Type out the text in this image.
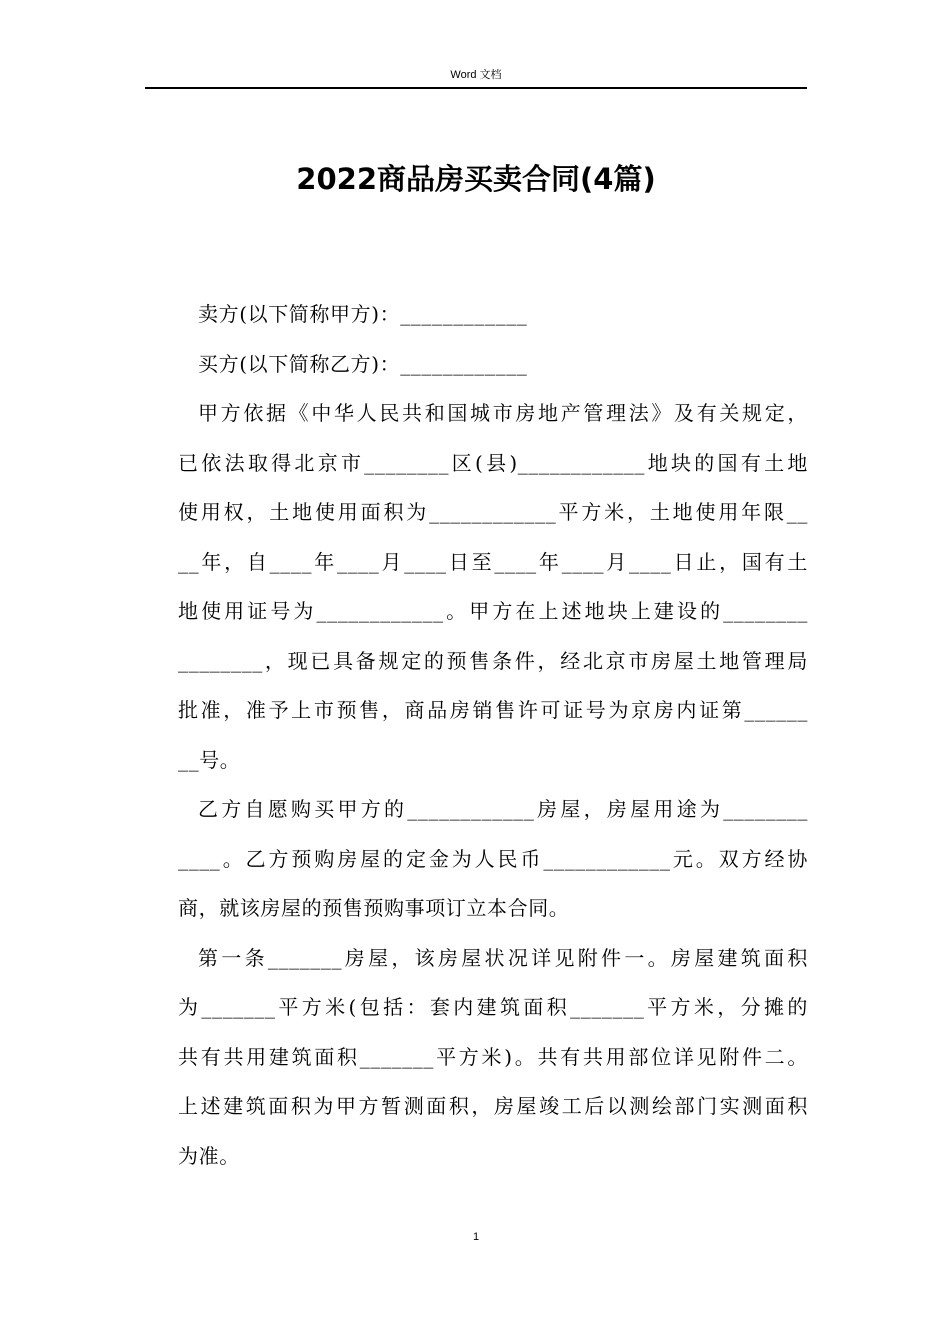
Word 文档
2022商品房买卖合同(4篇)
卖方(以下简称甲方)：____________
买方(以下简称乙方)：____________
甲方依据《中华人民共和国城市房地产管理法》及有关规定，
已依法取得北京市________区(县)____________地块的国有土地
使用权，土地使用面积为____________平方米，土地使用年限__
__年，自____年____月____日至____年____月____日止，国有土
地使用证号为____________。甲方在上述地块上建设的________
________，现已具备规定的预售条件，经北京市房屋土地管理局
批准，准予上市预售，商品房销售许可证号为京房内证第______
__号。
乙方自愿购买甲方的____________房屋，房屋用途为________
____。乙方预购房屋的定金为人民币____________元。双方经协
商，就该房屋的预售预购事项订立本合同。
第一条_______房屋，该房屋状况详见附件一。房屋建筑面积
为_______平方米(包括：套内建筑面积_______平方米，分摊的
共有共用建筑面积_______平方米)。共有共用部位详见附件二。
上述建筑面积为甲方暂测面积，房屋竣工后以测绘部门实测面积
为准。
1
